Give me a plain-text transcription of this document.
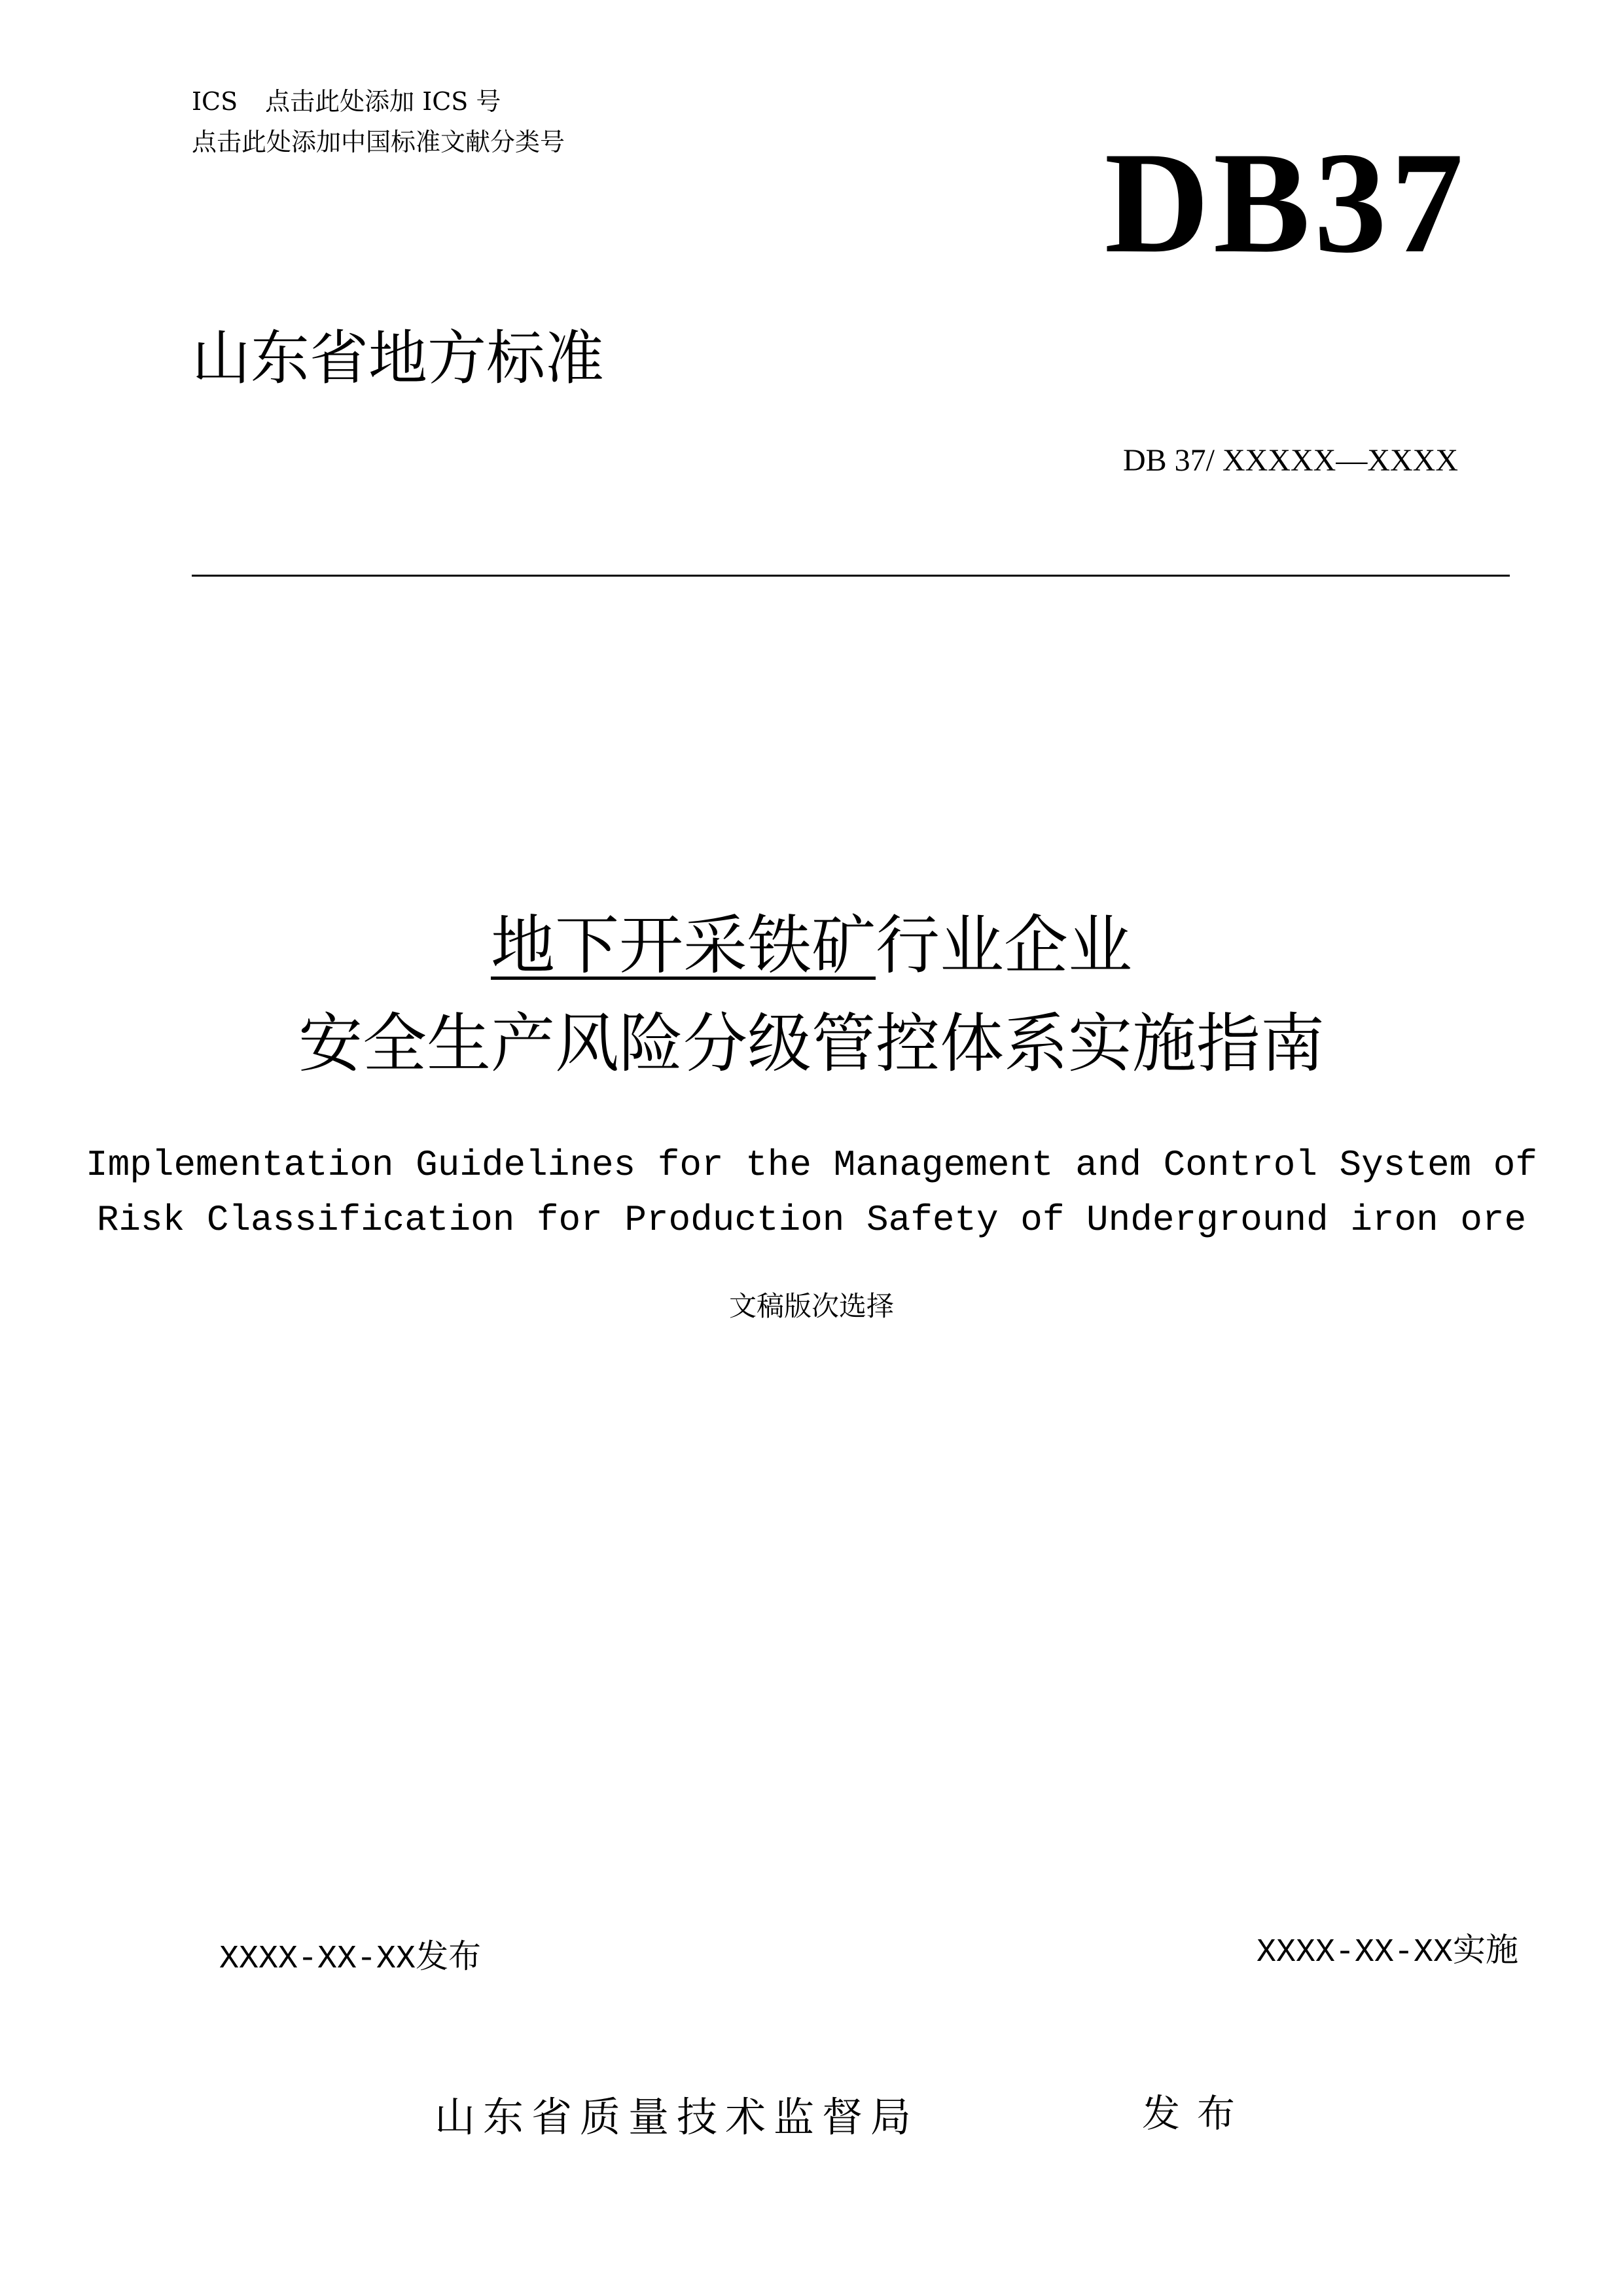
ICS 点击此处添加 ICS 号
点击此处添加中国标准文献分类号	DB37
山东省地方标准
DB 37/ XXXXX—XXXX
地下开采铁矿行业企业
安全生产风险分级管控体系实施指南
Implementation Guidelines for the Management and Control System of
Risk Classification for Production Safety of Underground iron ore
文稿版次选择
XXXX-XX-XX发布	XXXX-XX-XX实施
山东省质量技术监督局	发布
